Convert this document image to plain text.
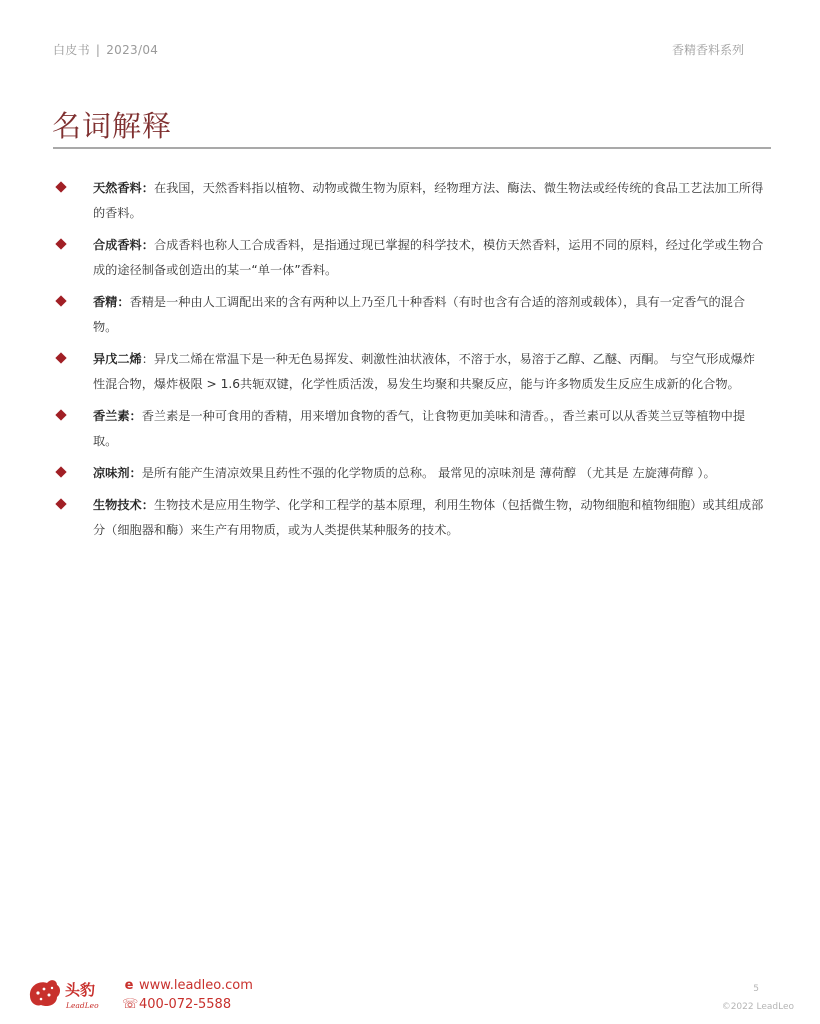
白皮书 | 2023/04	香精香料系列
名词解释

天然香料：在我国，天然香料指以植物、动物或微生物为原料，经物理方法、酶法、微生物法或经传统的食品工艺法加工所得的香料。

合成香料：合成香料也称人工合成香料，是指通过现已掌握的科学技术，模仿天然香料，运用不同的原料，经过化学或生物合成的途径制备或创造出的某一“单一体”香料。

香精：香精是一种由人工调配出来的含有两种以上乃至几十种香料（有时也含有合适的溶剂或载体），具有一定香气的混合物。

异戊二烯：异戊二烯在常温下是一种无色易挥发、刺激性油状液体，不溶于水，易溶于乙醇、乙醚、丙酮。 与空气形成爆炸性混合物，爆炸极限 > 1.6共轭双键，化学性质活泼，易发生均聚和共聚反应，能与许多物质发生反应生成新的化合物。

香兰素：香兰素是一种可食用的香精，用来增加食物的香气，让食物更加美味和清香。，香兰素可以从香荚兰豆等植物中提取。

凉味剂：是所有能产生清凉效果且药性不强的化学物质的总称。 最常见的凉味剂是 薄荷醇 （尤其是 左旋薄荷醇 ）。

生物技术：生物技术是应用生物学、化学和工程学的基本原理，利用生物体（包括微生物，动物细胞和植物细胞）或其组成部分（细胞器和酶）来生产有用物质，或为人类提供某种服务的技术。

头豹
LeadLeo
e www.leadleo.com
☏ 400-072-5588
5
©2022 LeadLeo
